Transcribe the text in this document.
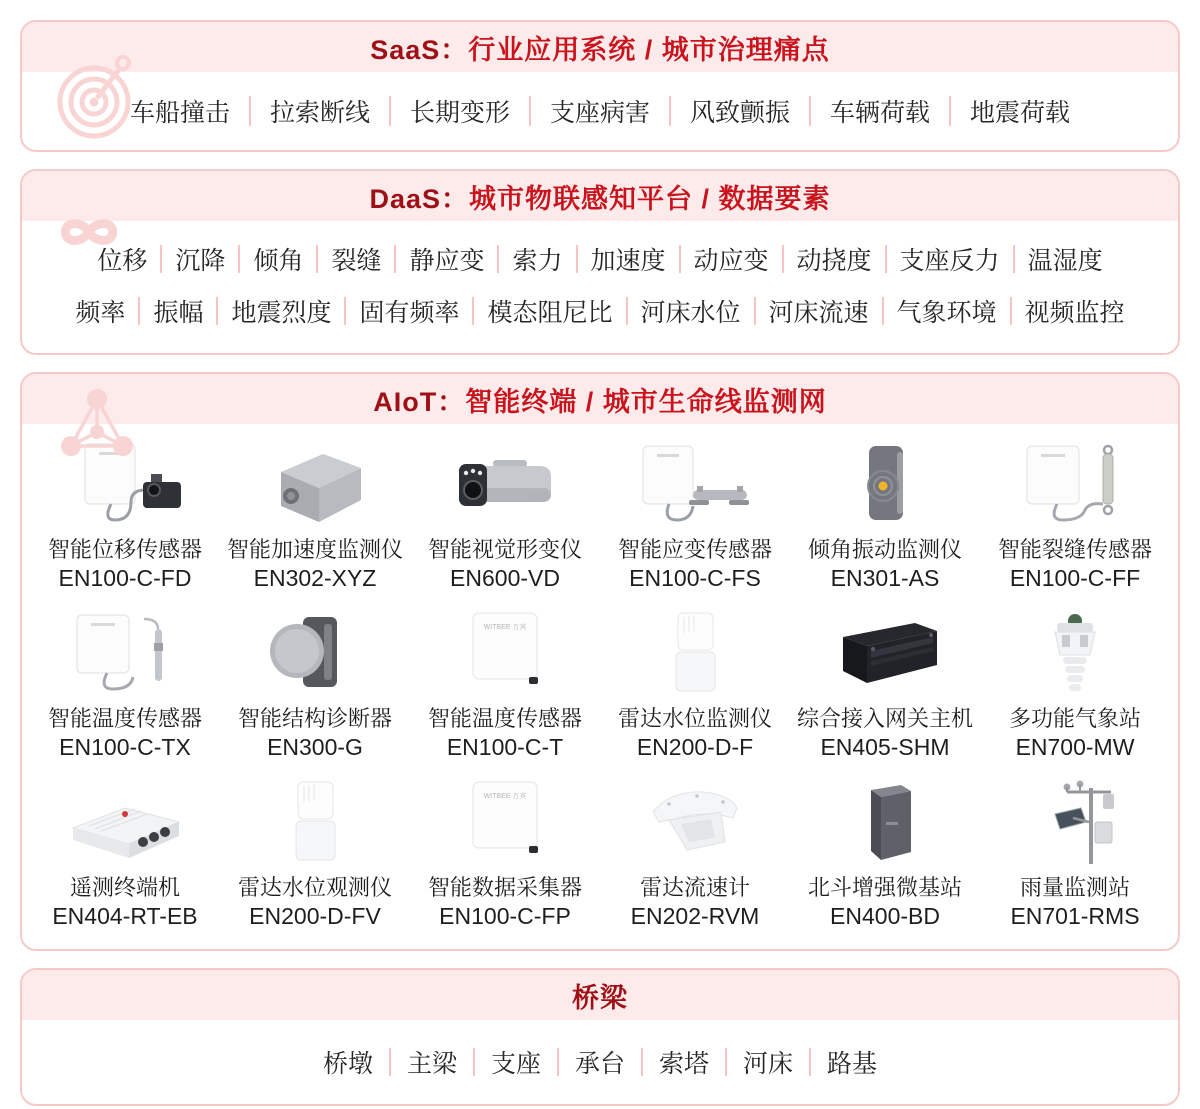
SaaS：行业应用系统 / 城市治理痛点
车船撞击 拉索断线 长期变形 支座病害 风致颤振 车辆荷载 地震荷载
DaaS：城市物联感知平台 / 数据要素
位移 沉降 倾角 裂缝 静应变 索力 加速度 动应变 动挠度 支座反力 温湿度
频率 振幅 地震烈度 固有频率 模态阻尼比 河床水位 河床流速 气象环境 视频监控
AIoT：智能终端 / 城市生命线监测网
智能位移传感器
EN100-C-FD
智能加速度监测仪
EN302-XYZ
智能视觉形变仪
EN600-VD
智能应变传感器
EN100-C-FS
倾角振动监测仪
EN301-AS
智能裂缝传感器
EN100-C-FF
智能温度传感器
EN100-C-TX
智能结构诊断器
EN300-G
WITBEE 万宾
智能温度传感器
EN100-C-T
雷达水位监测仪
EN200-D-F
综合接入网关主机
EN405-SHM
多功能气象站
EN700-MW
遥测终端机
EN404-RT-EB
雷达水位观测仪
EN200-D-FV
WITBEE 万宾
智能数据采集器
EN100-C-FP
雷达流速计
EN202-RVM
北斗增强微基站
EN400-BD
雨量监测站
EN701-RMS
桥梁
桥墩 主梁 支座 承台 索塔 河床 路基
